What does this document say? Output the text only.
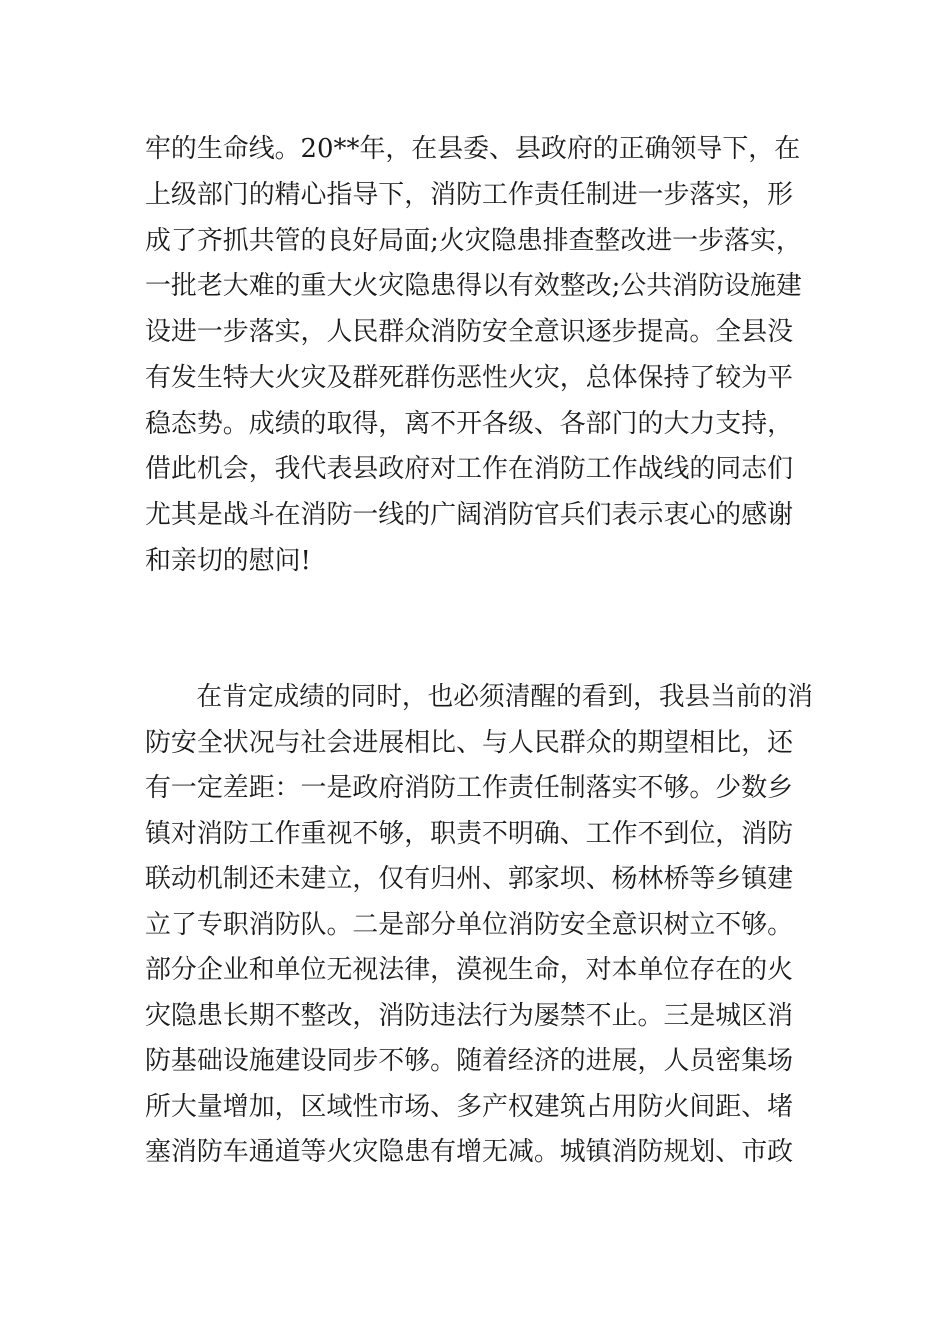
牢的生命线。20**年，在县委、县政府的正确领导下，在
上级部门的精心指导下，消防工作责任制进一步落实，形
成了齐抓共管的良好局面;火灾隐患排查整改进一步落实，
一批老大难的重大火灾隐患得以有效整改;公共消防设施建
设进一步落实，人民群众消防安全意识逐步提高。全县没
有发生特大火灾及群死群伤恶性火灾，总体保持了较为平
稳态势。成绩的取得，离不开各级、各部门的大力支持，
借此机会，我代表县政府对工作在消防工作战线的同志们
尤其是战斗在消防一线的广阔消防官兵们表示衷心的感谢
和亲切的慰问!
　　在肯定成绩的同时，也必须清醒的看到，我县当前的消
防安全状况与社会进展相比、与人民群众的期望相比，还
有一定差距：一是政府消防工作责任制落实不够。少数乡
镇对消防工作重视不够，职责不明确、工作不到位，消防
联动机制还未建立，仅有归州、郭家坝、杨林桥等乡镇建
立了专职消防队。二是部分单位消防安全意识树立不够。
部分企业和单位无视法律，漠视生命，对本单位存在的火
灾隐患长期不整改，消防违法行为屡禁不止。三是城区消
防基础设施建设同步不够。随着经济的进展，人员密集场
所大量增加，区域性市场、多产权建筑占用防火间距、堵
塞消防车通道等火灾隐患有增无减。城镇消防规划、市政
